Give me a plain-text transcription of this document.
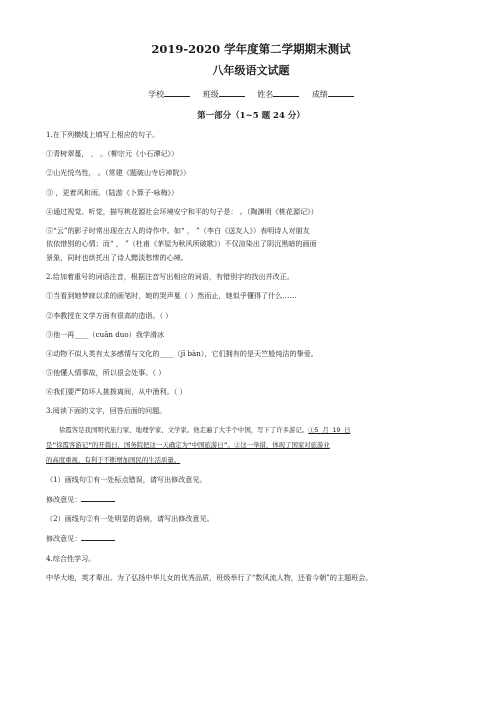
2019-2020 学年度第二学期期末测试
八年级语文试题
学校	班级	姓名	成绩
第一部分（1~5 题 24 分）
1.在下列横线上填写上相应的句子。
①青树翠蔓， ， 。（柳宗元《小石潭记》）
②山光悦鸟性， 。（常建《题破山寺后禅院》）
③ ，更着风和雨。（陆游《卜算子·咏梅》）
④通过视觉、听觉，描写桃花源社会环境安宁和平的句子是： 。（陶渊明《桃花源记》）
⑤“云”的影子时常出现在古人的诗作中。如“ ， ”（李白《送友人》）表明诗人对朋友
依依惜别的心情；而“ ， ”（杜甫《茅屋为秋风所破歌》）不仅渲染出了阴沉黑暗的画面
景象，同时也烘托出了诗人黯淡愁惨的心境。
2.给加着重号的词语注音，根据注音写出相应的词语，有错别字的找出并改正。
①当看到她梦寐以求的画笔时，她的哭声戛（ ）然而止，她似乎懂得了什么……
②李教授在文学方面有很高的造诣。（ ）
③他一再____（cuān duo）我学滑冰
④动物不似人类有太多感情与文化的____（jī bàn），它们拥有的是天竺般纯洁的挚爱。
⑤他懂人情事故，所以很会处事。（ ）
⑥我们要严防坏人挑拨离间，从中渔利。（ ）
3.阅读下面的文字，回答后面的问题。
徐霞客是我国明代旅行家、地理学家、文学家。他走遍了大半个中国，写下了许多游记。①5 月 19 日
是“徐霞客游记”的开篇日，国务院把这一天确定为“中国旅游日”。②这一举措，体现了国家对旅游业
的高度重视，有利于不断增加国民的生活质量。
（1）画线句①有一处标点错误，请写出修改意见。
修改意见：
（2）画线句②有一处明显的语病，请写出修改意见。
修改意见：
4.综合性学习。
中华大地，英才辈出。为了弘扬中华儿女的优秀品质，班级举行了“数风流人物，还看今朝”的主题班会。
